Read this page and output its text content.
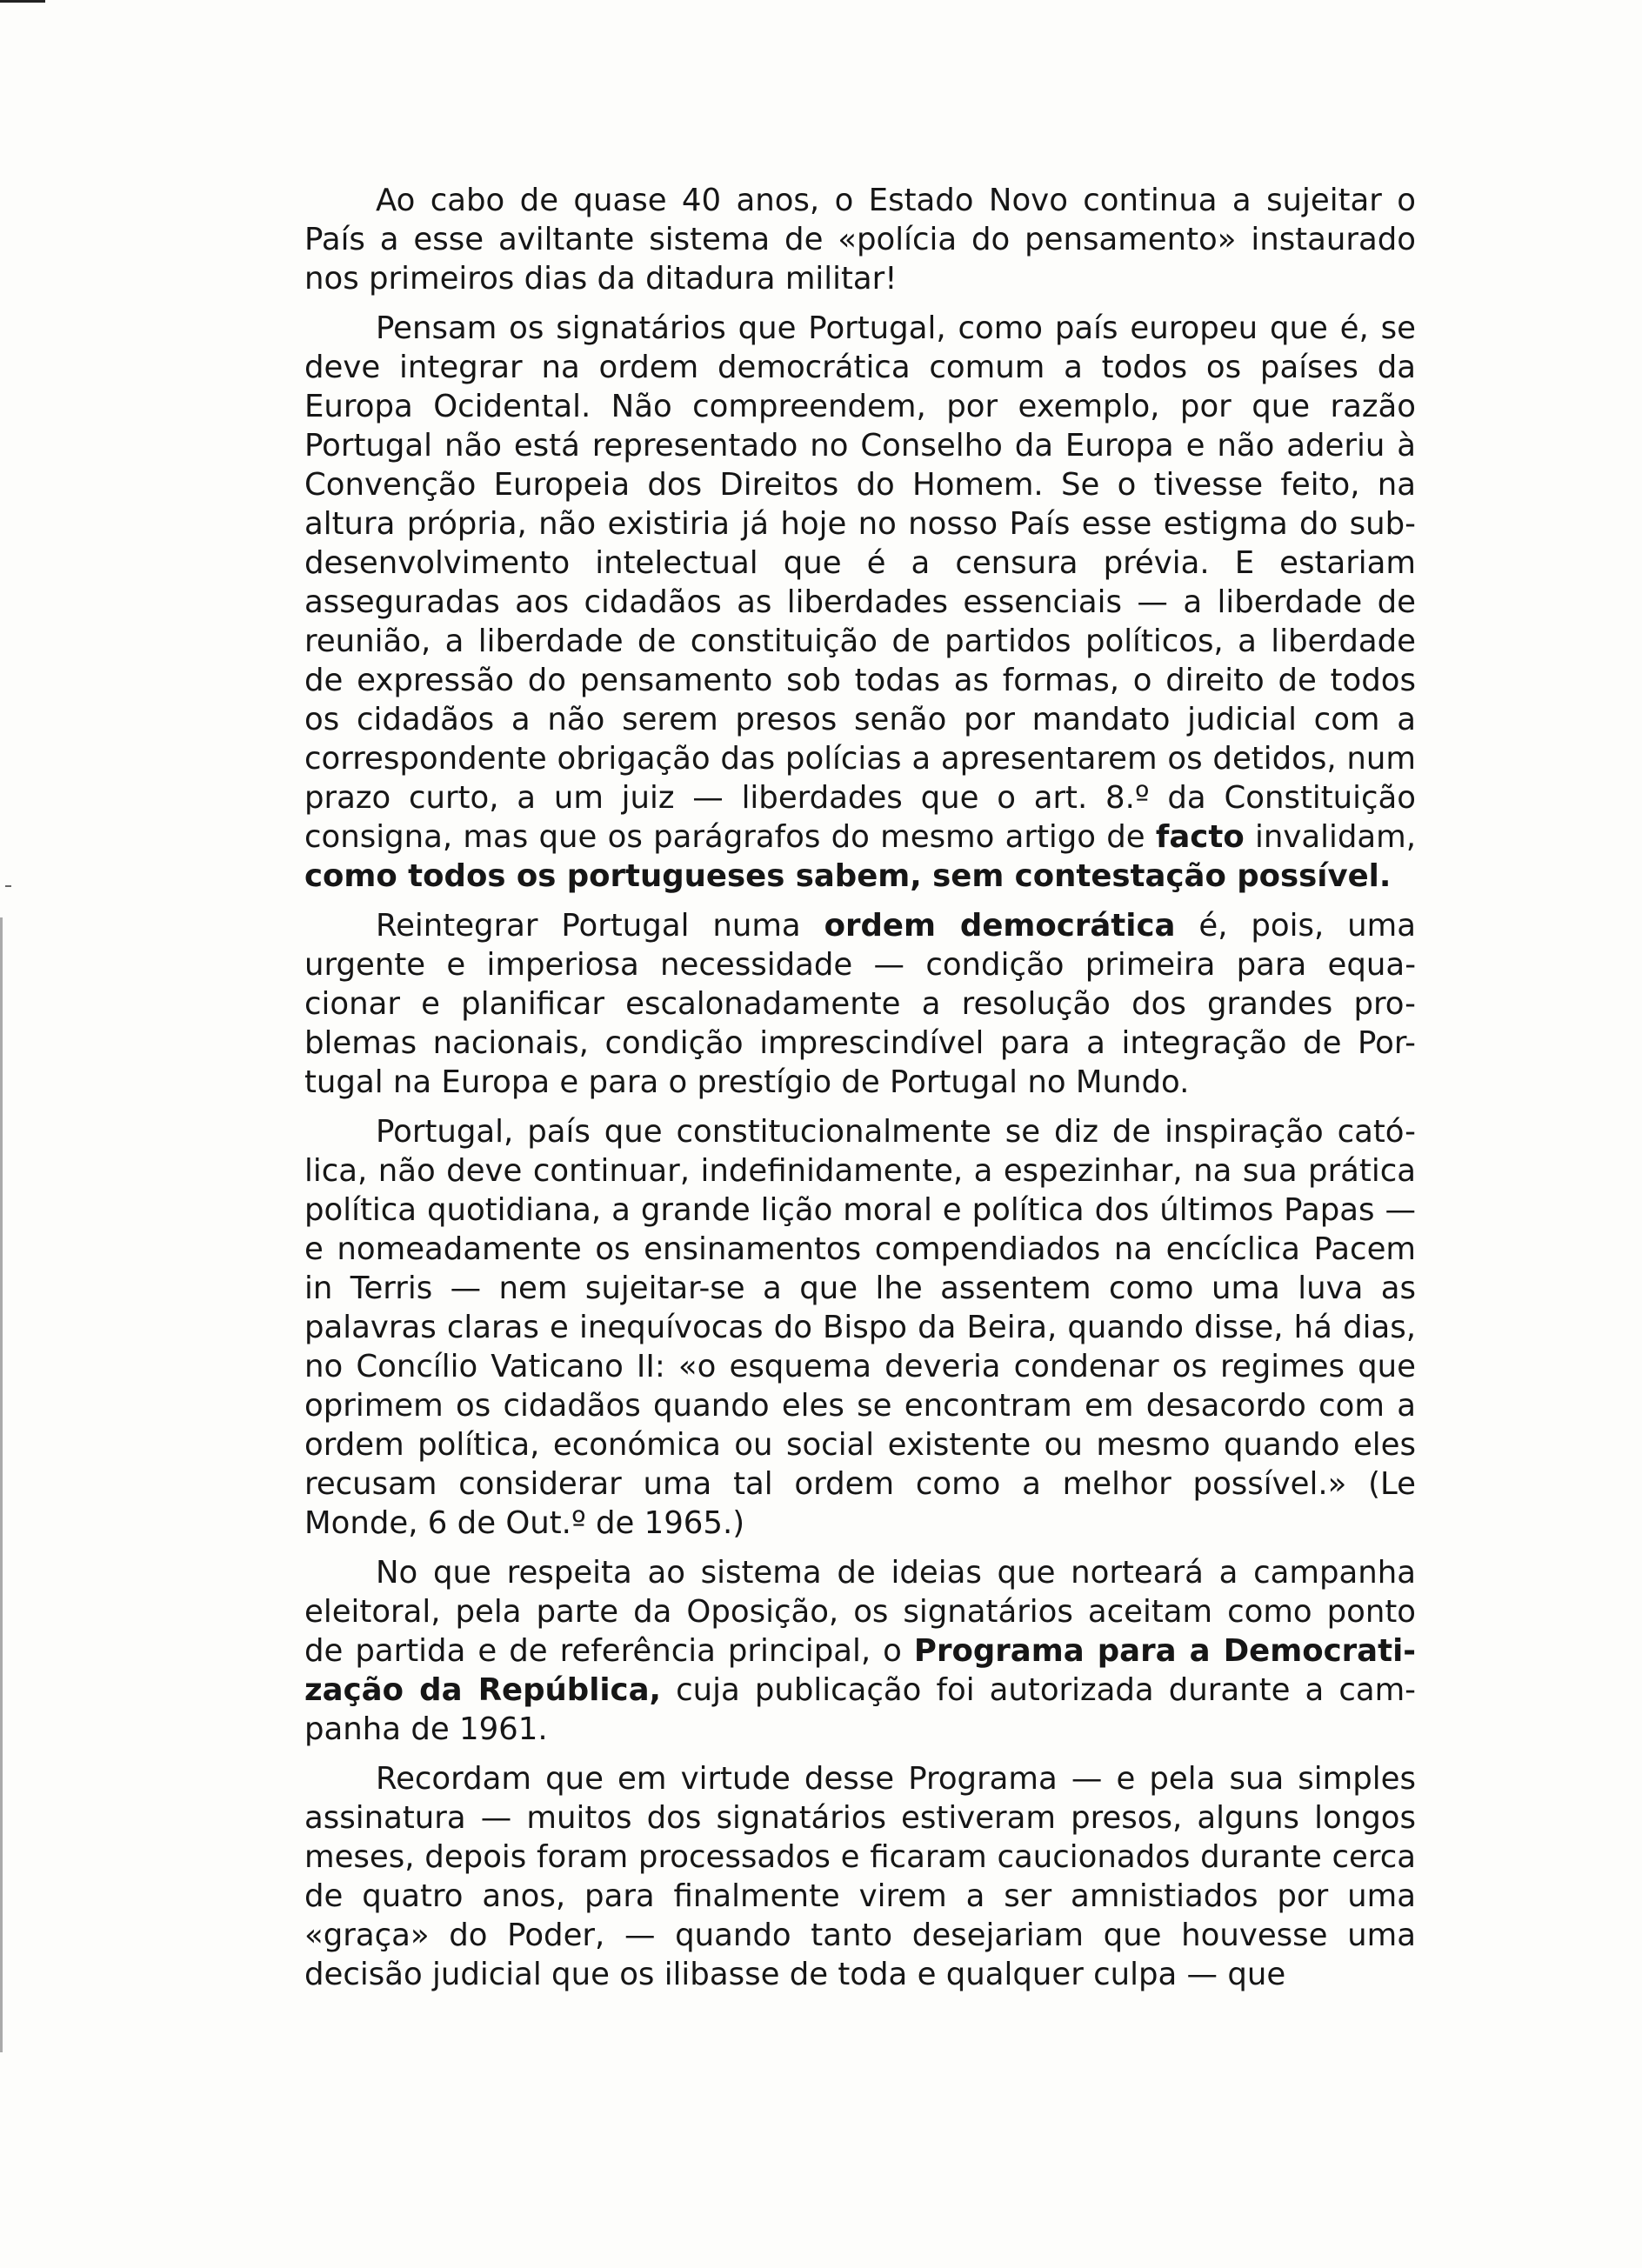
Ao cabo de quase 40 anos, o Estado Novo continua a sujeitar o País a esse aviltante sistema de «polícia do pensamento» instaurado nos primeiros dias da ditadura militar!

Pensam os signatários que Portugal, como país europeu que é, se deve integrar na ordem democrática comum a todos os países da Europa Ocidental. Não compreendem, por exemplo, por que razão Portugal não está representado no Conselho da Europa e não aderiu à Convenção Europeia dos Direitos do Homem. Se o tivesse feito, na altura própria, não existiria já hoje no nosso País esse estigma do sub-desenvolvimento intelectual que é a censura prévia. E estariam asseguradas aos cidadãos as liberdades essenciais — a liberdade de reunião, a liberdade de constituição de partidos políticos, a liberdade de expressão do pensamento sob todas as formas, o direito de todos os cidadãos a não serem presos senão por mandato judicial com a correspondente obrigação das polícias a apresentarem os detidos, num prazo curto, a um juiz — liberdades que o art. 8.º da Constituição consigna, mas que os parágrafos do mesmo artigo de facto invalidam, como todos os portugueses sabem, sem contestação possível.

Reintegrar Portugal numa ordem democrática é, pois, uma urgente e imperiosa necessidade — condição primeira para equa-cionar e planificar escalonadamente a resolução dos grandes pro-blemas nacionais, condição imprescindível para a integração de Por-tugal na Europa e para o prestígio de Portugal no Mundo.

Portugal, país que constitucionalmente se diz de inspiração cató-lica, não deve continuar, indefinidamente, a espezinhar, na sua prática política quotidiana, a grande lição moral e política dos últimos Papas — e nomeadamente os ensinamentos compendiados na encíclica Pacem in Terris — nem sujeitar-se a que lhe assentem como uma luva as palavras claras e inequívocas do Bispo da Beira, quando disse, há dias, no Concílio Vaticano II: «o esquema deveria condenar os regimes que oprimem os cidadãos quando eles se encontram em desacordo com a ordem política, económica ou social existente ou mesmo quando eles recusam considerar uma tal ordem como a melhor possível.» (Le Monde, 6 de Out.º de 1965.)

No que respeita ao sistema de ideias que norteará a campanha eleitoral, pela parte da Oposição, os signatários aceitam como ponto de partida e de referência principal, o Programa para a Democrati-zação da República, cuja publicação foi autorizada durante a cam-panha de 1961.

Recordam que em virtude desse Programa — e pela sua simples assinatura — muitos dos signatários estiveram presos, alguns longos meses, depois foram processados e ficaram caucionados durante cerca de quatro anos, para finalmente virem a ser amnistiados por uma «graça» do Poder, — quando tanto desejariam que houvesse uma decisão judicial que os ilibasse de toda e qualquer culpa — que
